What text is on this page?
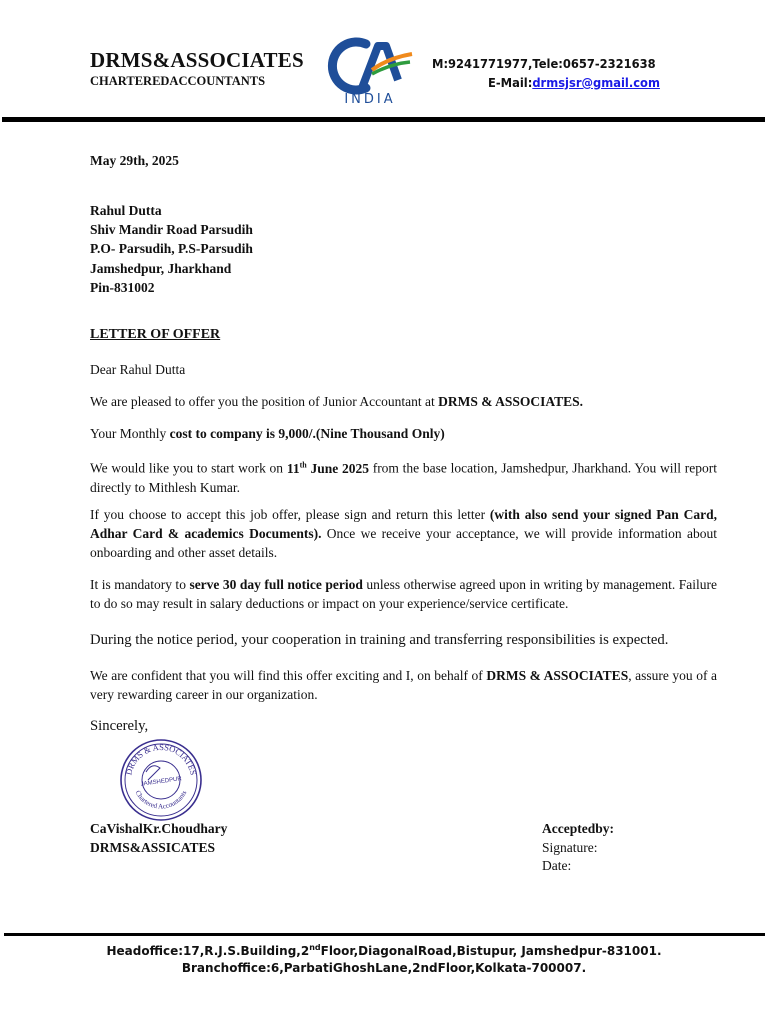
DRMS&ASSOCIATES
CHARTEREDACCOUNTANTS
INDIA
M:9241771977,Tele:0657-2321638
E-Mail:drmsjsr@gmail.com
May 29th, 2025
Rahul Dutta
Shiv Mandir Road Parsudih
P.O- Parsudih, P.S-Parsudih
Jamshedpur, Jharkhand
Pin-831002
LETTER OF OFFER
Dear Rahul Dutta
We are pleased to offer you the position of Junior Accountant at DRMS & ASSOCIATES.
Your Monthly cost to company is 9,000/.(Nine Thousand Only)
We would like you to start work on 11th June 2025 from the base location, Jamshedpur, Jharkhand. You will report directly to Mithlesh Kumar.
If you choose to accept this job offer, please sign and return this letter (with also send your signed Pan Card, Adhar Card & academics Documents). Once we receive your acceptance, we will provide information about onboarding and other asset details.
It is mandatory to serve 30 day full notice period unless otherwise agreed upon in writing by management. Failure to do so may result in salary deductions or impact on your experience/service certificate.
During the notice period, your cooperation in training and transferring responsibilities is expected.
We are confident that you will find this offer exciting and I, on behalf of DRMS & ASSOCIATES, assure you of a very rewarding career in our organization.
Sincerely,
DRMS & ASSOCIATES
Chartered Accountants
JAMSHEDPUR
CaVishalKr.Choudhary
DRMS&ASSICATES
Acceptedby:
Signature:
Date:
Headoffice:17,R.J.S.Building,2ndFloor,DiagonalRoad,Bistupur, Jamshedpur-831001.
Branchoffice:6,ParbatiGhoshLane,2ndFloor,Kolkata-700007.
